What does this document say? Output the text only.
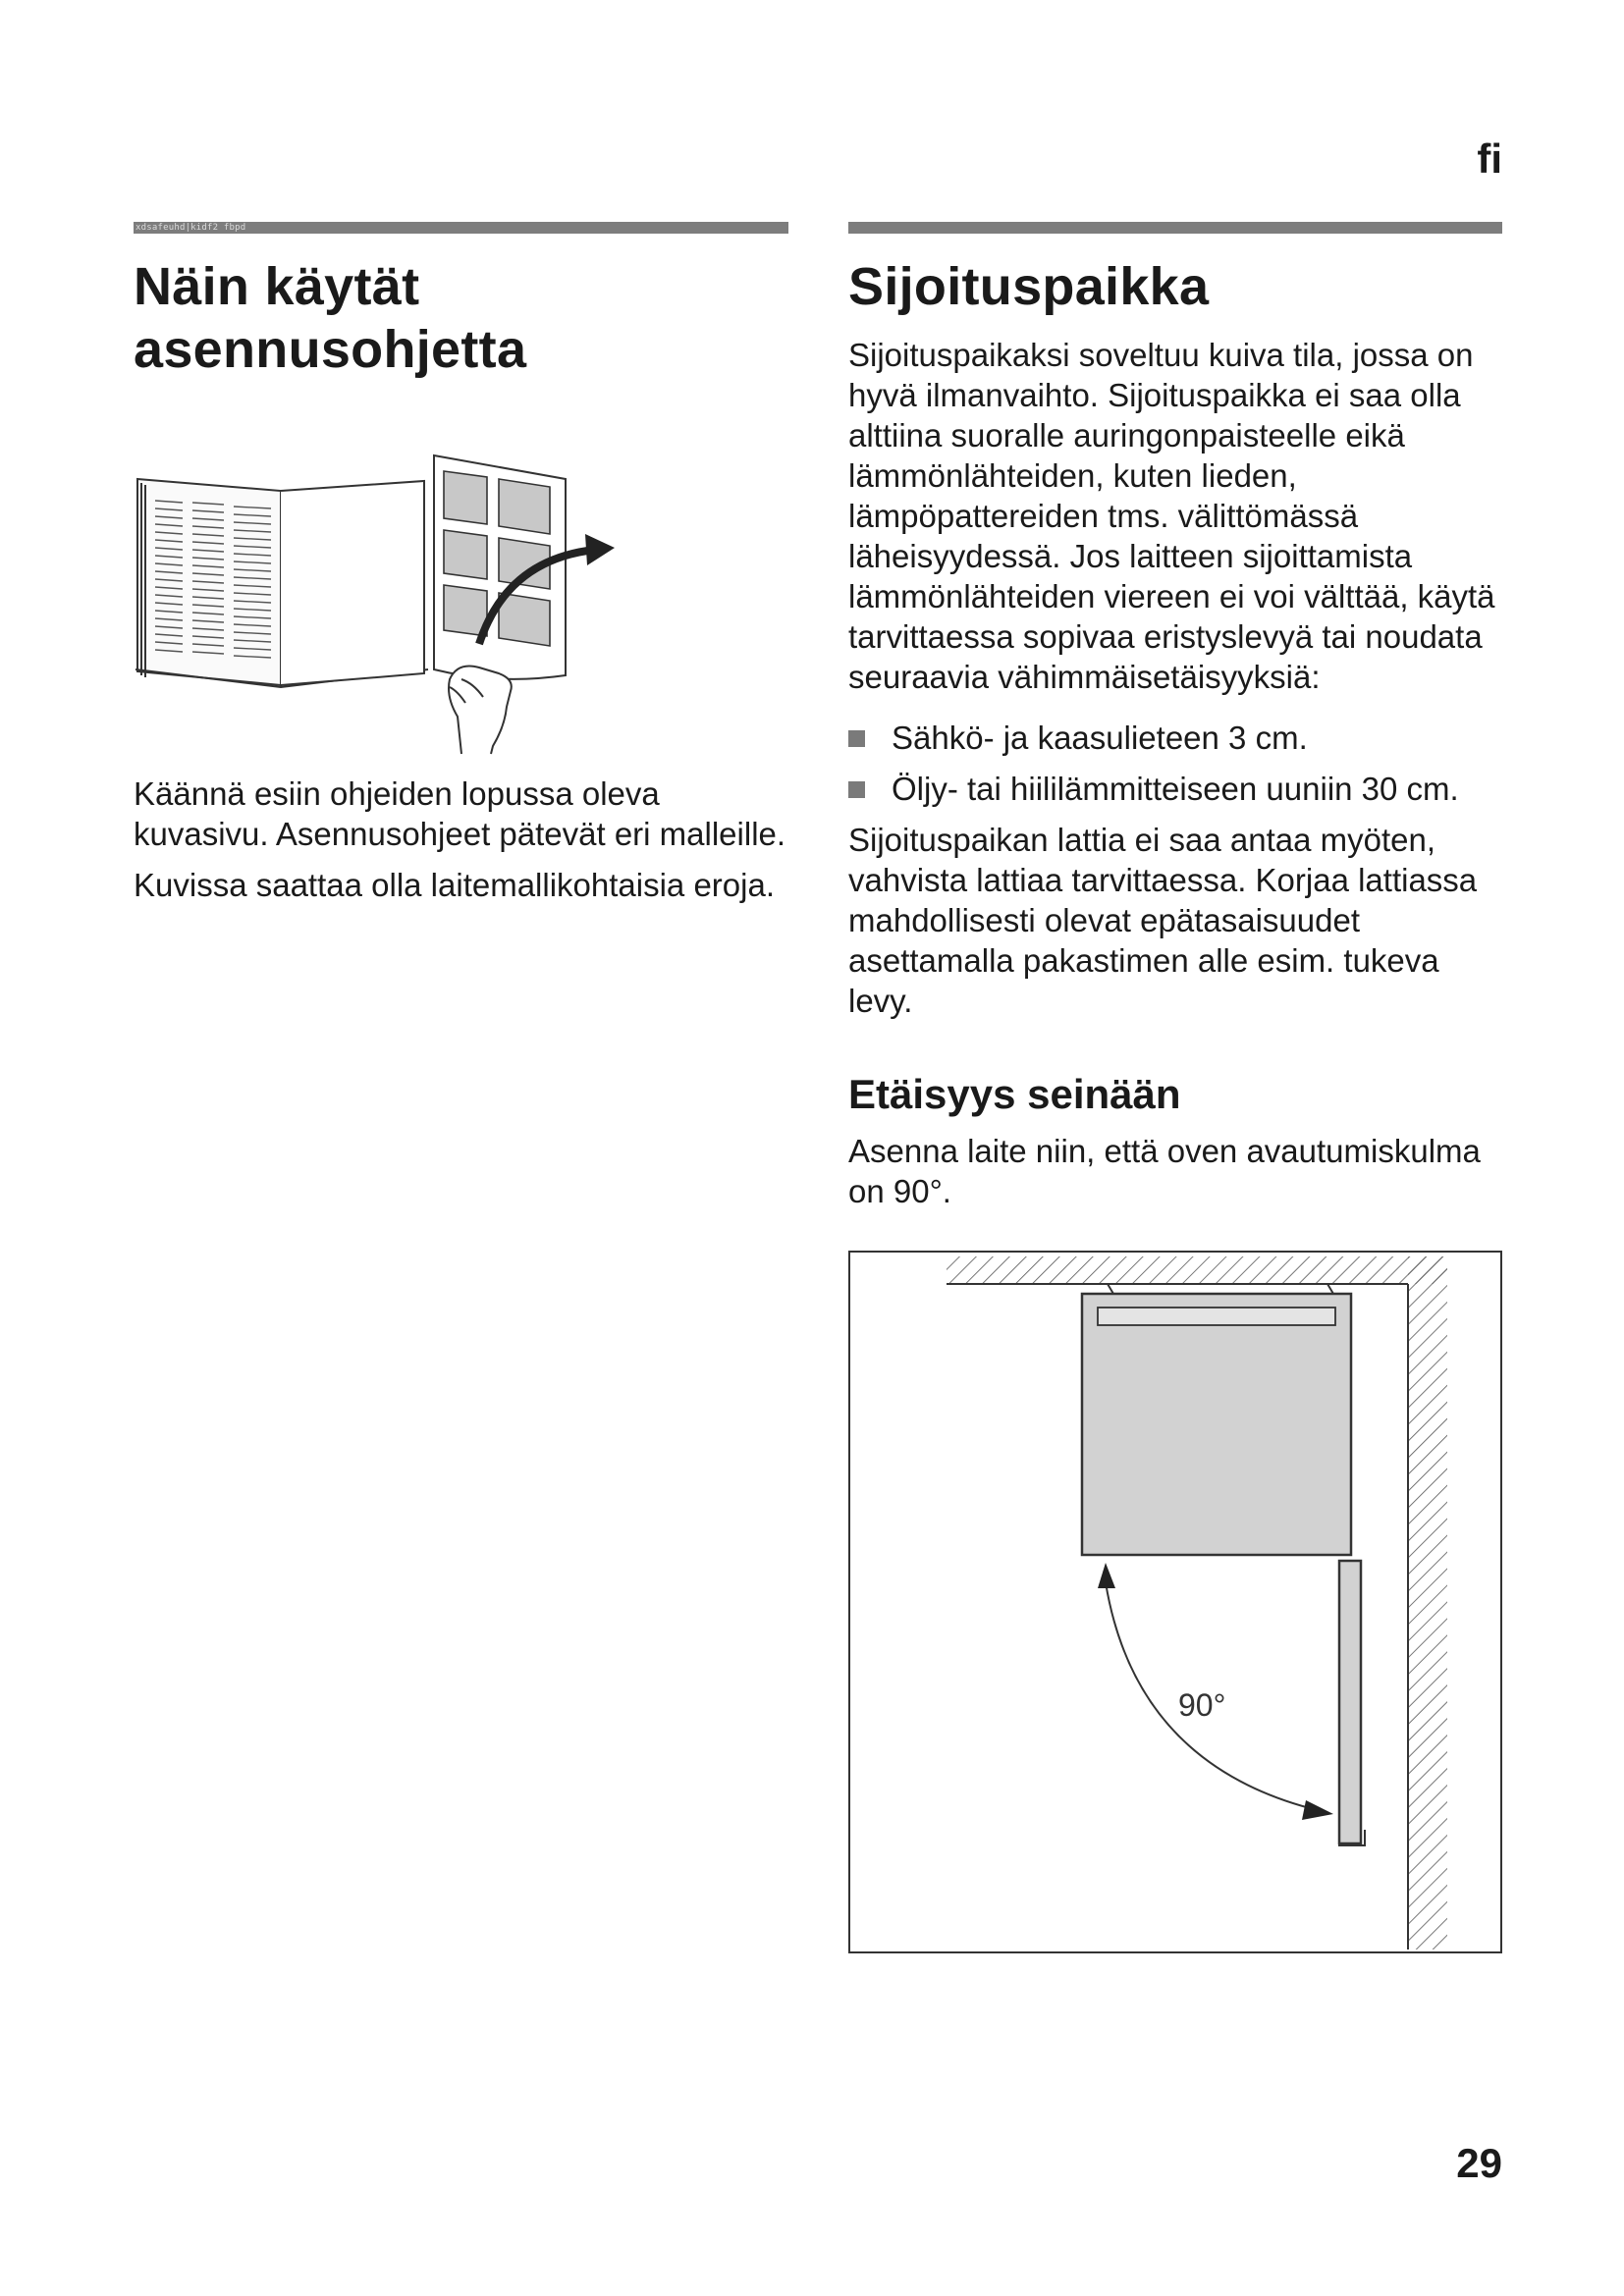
fi
xdsafeuhd|kidf2 fbpd
Näin käytät
asennusohjetta

Käännä esiin ohjeiden lopussa oleva kuvasivu. Asennusohjeet pätevät eri malleille.

Kuvissa saattaa olla laitemallikohtaisia eroja.

Sijoituspaikka

Sijoituspaikaksi soveltuu kuiva tila, jossa on hyvä ilmanvaihto. Sijoituspaikka ei saa olla alttiina suoralle auringonpaisteelle eikä lämmönlähteiden, kuten lieden, lämpöpattereiden tms. välittömässä läheisyydessä. Jos laitteen sijoittamista lämmönlähteiden viereen ei voi välttää, käytä tarvittaessa sopivaa eristyslevyä tai noudata seuraavia vähimmäisetäisyyksiä:

Sähkö- ja kaasulieteen 3 cm.
Öljy- tai hiililämmitteiseen uuniin 30 cm.

Sijoituspaikan lattia ei saa antaa myöten, vahvista lattiaa tarvittaessa. Korjaa lattiassa mahdollisesti olevat epätasaisuudet asettamalla pakastimen alle esim. tukeva levy.

Etäisyys seinään

Asenna laite niin, että oven avautumiskulma on 90°.

90°
29
